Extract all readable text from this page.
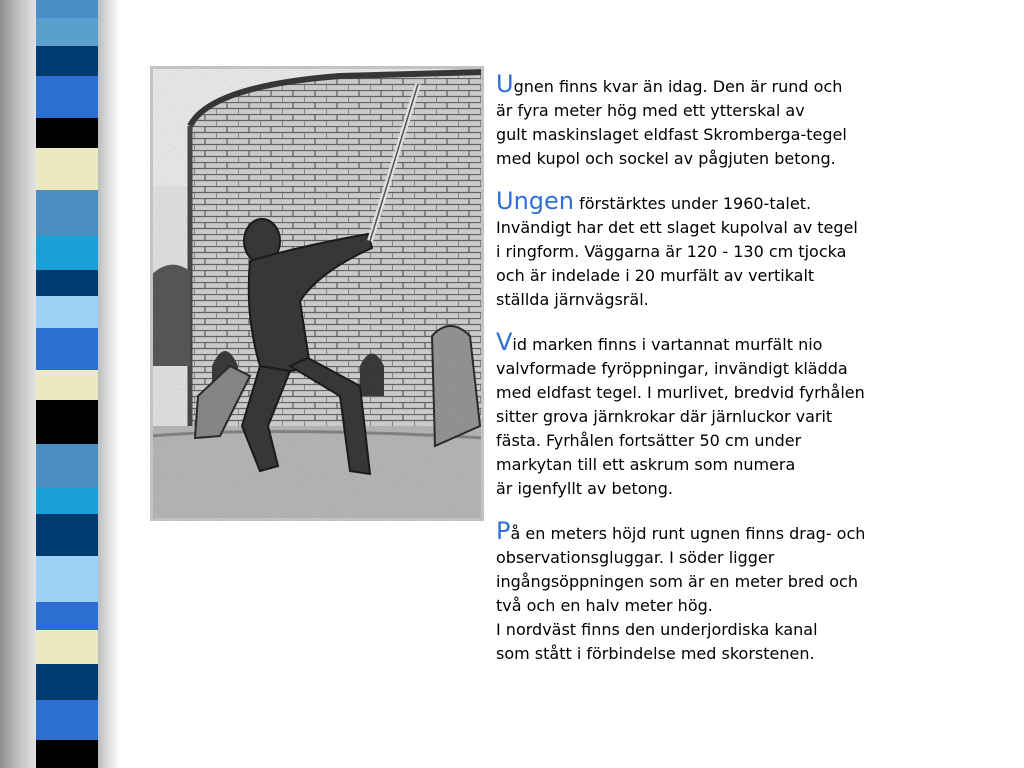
Ugnen finns kvar än idag. Den är rund och
är fyra meter hög med ett ytterskal av
gult maskinslaget eldfast Skromberga-tegel
med kupol och sockel av pågjuten betong.

Ungen förstärktes under 1960-talet.
Invändigt har det ett slaget kupolval av tegel
i ringform. Väggarna är 120 - 130 cm tjocka
och är indelade i 20 murfält av vertikalt
ställda järnvägsräl.

Vid marken finns i vartannat murfält nio
valvformade fyröppningar, invändigt klädda
med eldfast tegel. I murlivet, bredvid fyrhålen
sitter grova järnkrokar där järnluckor varit
fästa. Fyrhålen fortsätter 50 cm under
markytan till ett askrum som numera
är igenfyllt av betong.

På en meters höjd runt ugnen finns drag- och
observationsgluggar. I söder ligger
ingångsöppningen som är en meter bred och
två och en halv meter hög.
I nordväst finns den underjordiska kanal
som stått i förbindelse med skorstenen.
